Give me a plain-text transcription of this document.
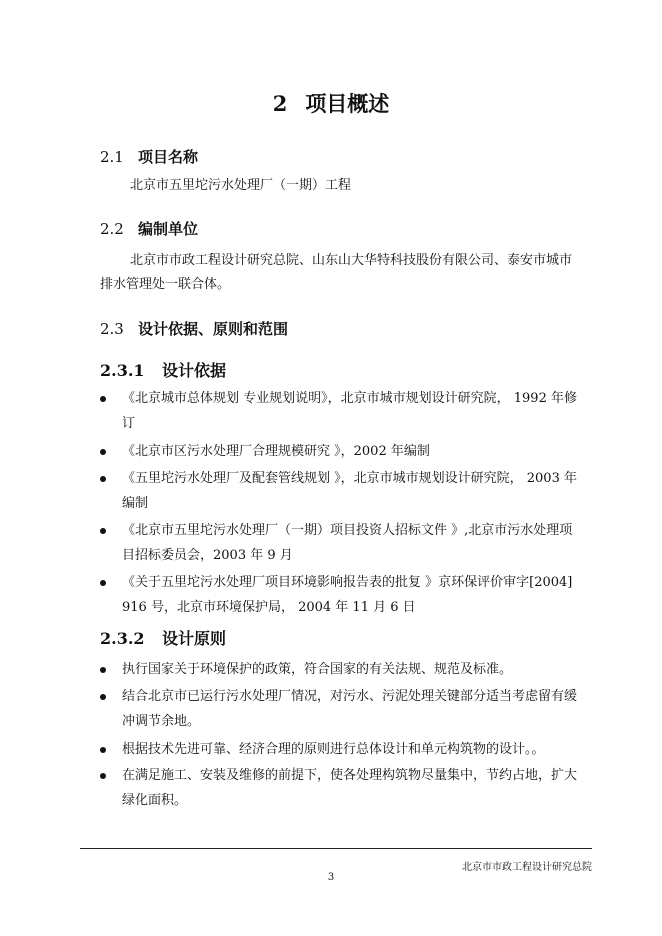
2 项目概述
2.1 项目名称
北京市五里坨污水处理厂（一期）工程
2.2 编制单位
北京市市政工程设计研究总院、山东山大华特科技股份有限公司、泰安市城市
排水管理处一联合体。
2.3 设计依据、原则和范围
2.3.1 设计依据
《北京城市总体规划 专业规划说明》，北京市城市规划设计研究院， 1992 年修
订
《北京市区污水处理厂合理规模研究 》，2002 年编制
《五里坨污水处理厂及配套管线规划 》，北京市城市规划设计研究院， 2003 年
编制
《北京市五里坨污水处理厂（一期）项目投资人招标文件 》,北京市污水处理项
目招标委员会，2003 年 9 月
《关于五里坨污水处理厂项目环境影响报告表的批复 》京环保评价审字[2004]
916 号，北京市环境保护局， 2004 年 11 月 6 日
2.3.2 设计原则
执行国家关于环境保护的政策，符合国家的有关法规、规范及标准。
结合北京市已运行污水处理厂情况，对污水、污泥处理关键部分适当考虑留有缓
冲调节余地。
根据技术先进可靠、经济合理的原则进行总体设计和单元构筑物的设计。。
在满足施工、安装及维修的前提下，使各处理构筑物尽量集中，节约占地，扩大
绿化面积。
北京市市政工程设计研究总院
3
